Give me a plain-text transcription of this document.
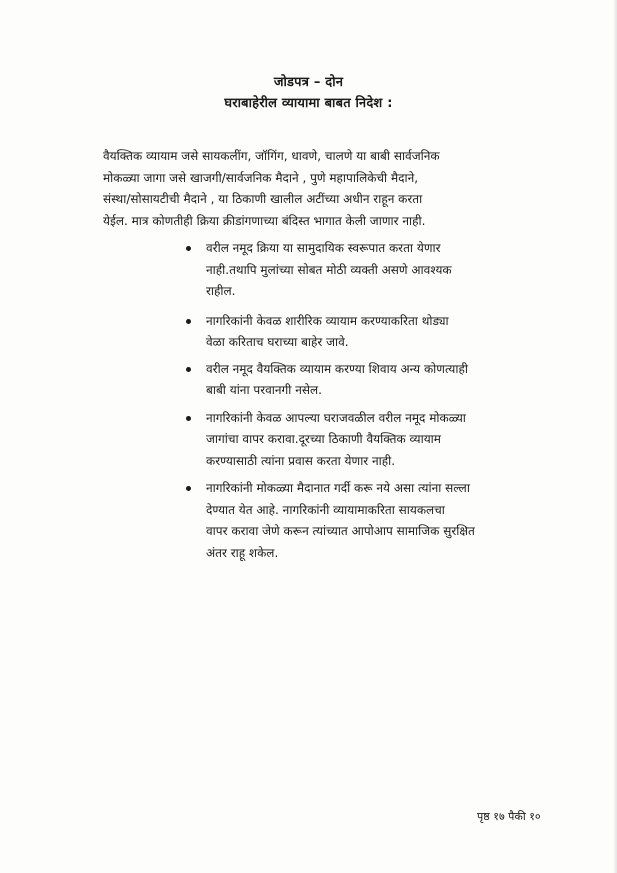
जोडपत्र – दोन
घराबाहेरील व्यायामा बाबत निदेश :
वैयक्तिक व्यायाम जसे सायकलींग, जॉगिंग, धावणे, चालणे या बाबी सार्वजनिक
मोकळ्या जागा जसे खाजगी/सार्वजनिक मैदाने , पुणे महापालिकेची मैदाने,
संस्था/सोसायटीची मैदाने , या ठिकाणी खालील अटींच्या अधीन राहून करता
येईल. मात्र कोणतीही क्रिया क्रीडांगणाच्या बंदिस्त भागात केली जाणार नाही.
वरील नमूद क्रिया या सामुदायिक स्वरूपात करता येणार
नाही.तथापि मुलांच्या सोबत मोठी व्यक्ती असणे आवश्यक
राहील.
नागरिकांनी केवळ शारीरिक व्यायाम करण्याकरिता थोड्या
वेळा करिताच घराच्या बाहेर जावे.
वरील नमूद वैयक्तिक व्यायाम करण्या शिवाय अन्य कोणत्याही
बाबी यांना परवानगी नसेल.
नागरिकांनी केवळ आपल्या घराजवळील वरील नमूद मोकळ्या
जागांचा वापर करावा.दूरच्या ठिकाणी वैयक्तिक व्यायाम
करण्यासाठी त्यांना प्रवास करता येणार नाही.
नागरिकांनी मोकळ्या मैदानात गर्दी करू नये असा त्यांना सल्ला
देण्यात येत आहे. नागरिकांनी व्यायामाकरिता सायकलचा
वापर करावा जेणे करून त्यांच्यात आपोआप सामाजिक सुरक्षित
अंतर राहू शकेल.
पृष्ठ १७ पैकी १०
